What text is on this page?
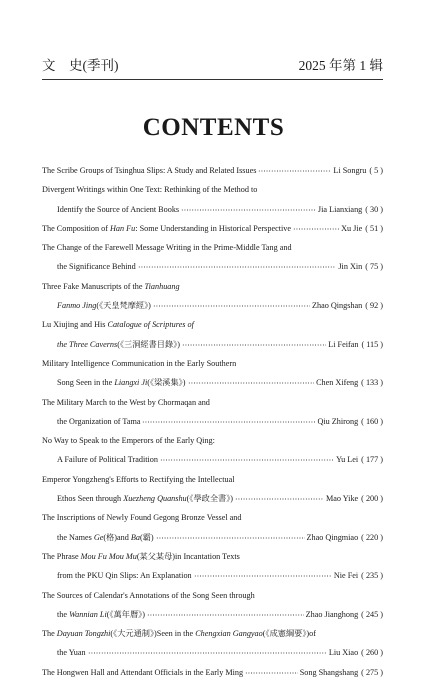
文　史(季刊)	2025 年第 1 辑
CONTENTS
The Scribe Groups of Tsinghua Slips: A Study and Related Issues	Li Songru ( 5 )
Divergent Writings within One Text: Rethinking of the Method to
Identify the Source of Ancient Books	Jia Lianxiang ( 30 )
The Composition of Han Fu: Some Understanding in Historical Perspective	Xu Jie ( 51 )
The Change of the Farewell Message Writing in the Prime-Middle Tang and
the Significance Behind	Jin Xin ( 75 )
Three Fake Manuscripts of the Tianhuang
Fanmo Jing(《天皇梵摩經》)	Zhao Qingshan ( 92 )
Lu Xiujing and His Catalogue of Scriptures of
the Three Caverns(《三洞經書目錄》)	Li Feifan ( 115 )
Military Intelligence Communication in the Early Southern
Song Seen in the Liangxi Ji(《梁溪集》)	Chen Xifeng ( 133 )
The Military March to the West by Chormaqan and
the Organization of Tama	Qiu Zhirong ( 160 )
No Way to Speak to the Emperors of the Early Qing:
A Failure of Political Tradition	Yu Lei ( 177 )
Emperor Yongzheng's Efforts to Rectifying the Intellectual
Ethos Seen through Xuezheng Quanshu(《學政全書》)	Mao Yike ( 200 )
The Inscriptions of Newly Found Gegong Bronze Vessel and
the Names Ge(格)and Ba(霸)	Zhao Qingmiao ( 220 )
The Phrase Mou Fu Mou Mu(某父某母)in Incantation Texts
from the PKU Qin Slips: An Explanation	Nie Fei ( 235 )
The Sources of Calendar's Annotations of the Song Seen through
the Wannian Li(《萬年曆》)	Zhao Jianghong ( 245 )
The Dayuan Tongzhi(《大元通制》)Seen in the Chengxian Gangyao(《成憲綱要》)of
the Yuan	Liu Xiao ( 260 )
The Hongwen Hall and Attendant Officials in the Early Ming	Song Shangshang ( 275 )
